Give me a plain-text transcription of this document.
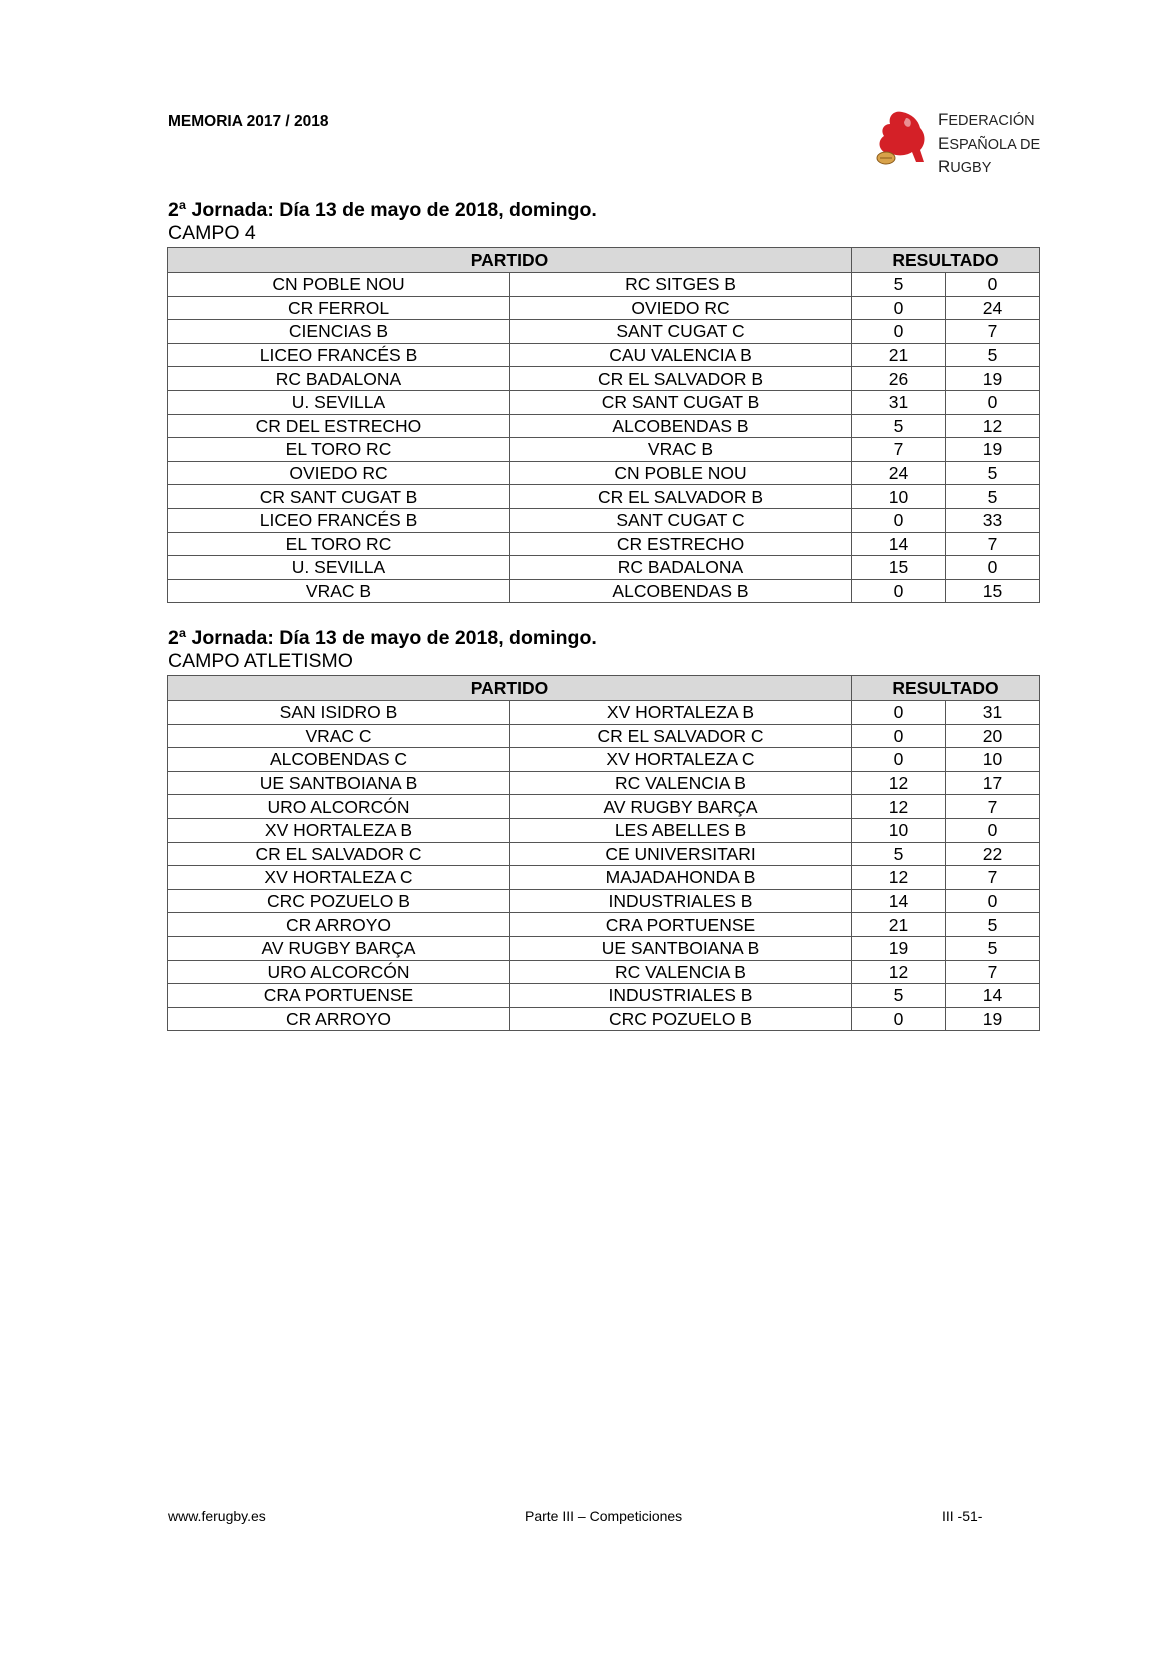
MEMORIA 2017 / 2018	FEDERACIÓN
ESPAÑOLA DE
RUGBY
2ª Jornada: Día 13 de mayo de 2018, domingo.
CAMPO 4
PARTIDO		RESULTADO	
CN POBLE NOU	RC SITGES B	5	0
CR FERROL	OVIEDO RC	0	24
CIENCIAS B	SANT CUGAT C	0	7
LICEO FRANCÉS B	CAU VALENCIA B	21	5
RC BADALONA	CR EL SALVADOR B	26	19
U. SEVILLA	CR SANT CUGAT B	31	0
CR DEL ESTRECHO	ALCOBENDAS B	5	12
EL TORO RC	VRAC B	7	19
OVIEDO RC	CN POBLE NOU	24	5
CR SANT CUGAT B	CR EL SALVADOR B	10	5
LICEO FRANCÉS B	SANT CUGAT C	0	33
EL TORO RC	CR ESTRECHO	14	7
U. SEVILLA	RC BADALONA	15	0
VRAC B	ALCOBENDAS B	0	15
2ª Jornada: Día 13 de mayo de 2018, domingo.
CAMPO ATLETISMO
PARTIDO		RESULTADO	
SAN ISIDRO B	XV HORTALEZA B	0	31
VRAC C	CR EL SALVADOR C	0	20
ALCOBENDAS C	XV HORTALEZA C	0	10
UE SANTBOIANA B	RC VALENCIA B	12	17
URO ALCORCÓN	AV RUGBY BARÇA	12	7
XV HORTALEZA B	LES ABELLES B	10	0
CR EL SALVADOR C	CE UNIVERSITARI	5	22
XV HORTALEZA C	MAJADAHONDA B	12	7
CRC POZUELO B	INDUSTRIALES B	14	0
CR ARROYO	CRA PORTUENSE	21	5
AV RUGBY BARÇA	UE SANTBOIANA B	19	5
URO ALCORCÓN	RC VALENCIA B	12	7
CRA PORTUENSE	INDUSTRIALES B	5	14
CR ARROYO	CRC POZUELO B	0	19
www.ferugby.es	Parte III – Competiciones	III -51-
